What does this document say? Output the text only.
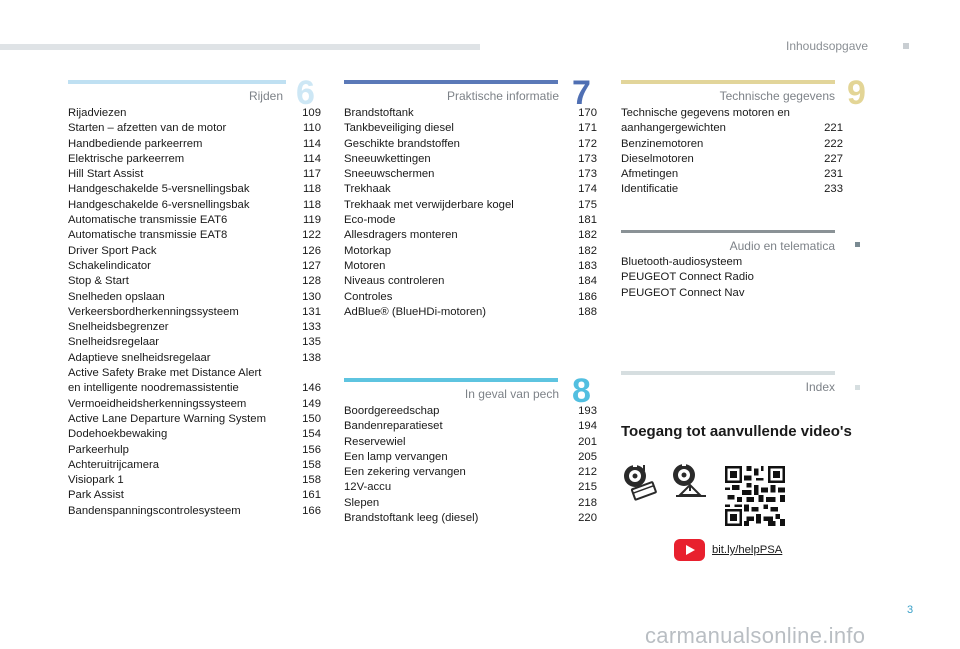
Inhoudsopgave
Rijden 6
Rijadviezen	109
Starten – afzetten van de motor	110
Handbediende parkeerrem	114
Elektrische parkeerrem	114
Hill Start Assist	117
Handgeschakelde 5-versnellingsbak	118
Handgeschakelde 6-versnellingsbak	118
Automatische transmissie EAT6	119
Automatische transmissie EAT8	122
Driver Sport Pack	126
Schakelindicator	127
Stop & Start	128
Snelheden opslaan	130
Verkeersbordherkenningssysteem	131
Snelheidsbegrenzer	133
Snelheidsregelaar	135
Adaptieve snelheidsregelaar	138
Active Safety Brake met Distance Alert
en intelligente noodremassistentie	146
Vermoeidheidsherkenningssysteem	149
Active Lane Departure Warning System	150
Dodehoekbewaking	154
Parkeerhulp	156
Achteruitrijcamera	158
Visiopark 1	158
Park Assist	161
Bandenspanningscontrolesysteem	166
Praktische informatie 7
Brandstoftank	170
Tankbeveiliging diesel	171
Geschikte brandstoffen	172
Sneeuwkettingen	173
Sneeuwschermen	173
Trekhaak	174
Trekhaak met verwijderbare kogel	175
Eco-mode	181
Allesdragers monteren	182
Motorkap	182
Motoren	183
Niveaus controleren	184
Controles	186
AdBlue® (BlueHDi-motoren)	188
In geval van pech 8
Boordgereedschap	193
Bandenreparatieset	194
Reservewiel	201
Een lamp vervangen	205
Een zekering vervangen	212
12V-accu	215
Slepen	218
Brandstoftank leeg (diesel)	220
Technische gegevens 9
Technische gegevens motoren en
aanhangergewichten	221
Benzinemotoren	222
Dieselmotoren	227
Afmetingen	231
Identificatie	233
Audio en telematica
Bluetooth-audiosysteem
PEUGEOT Connect Radio
PEUGEOT Connect Nav
Index
Toegang tot aanvullende video's
bit.ly/helpPSA
3
carmanualsonline.info
